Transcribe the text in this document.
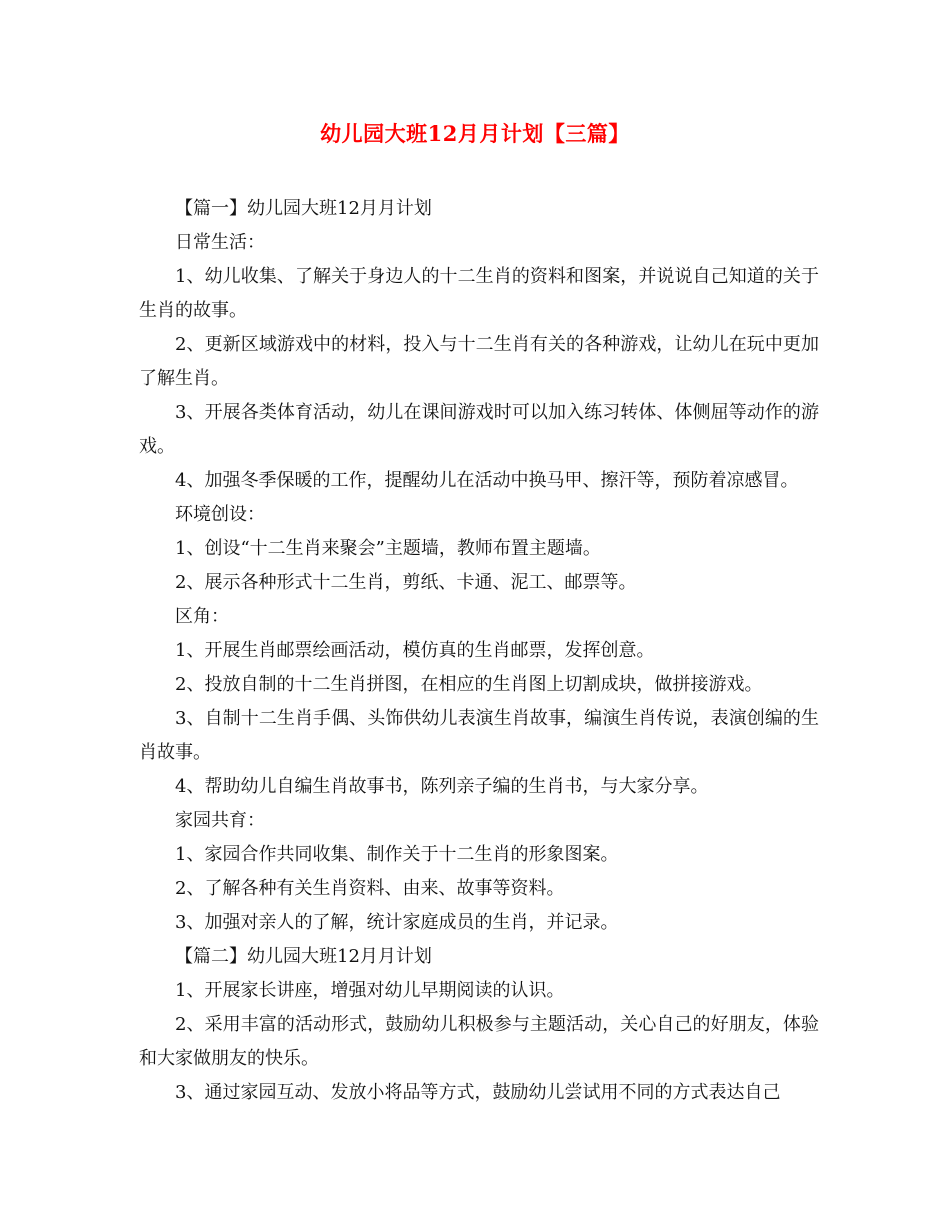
幼儿园大班12月月计划【三篇】

【篇一】幼儿园大班12月月计划

日常生活：

1、幼儿收集、了解关于身边人的十二生肖的资料和图案，并说说自己知道的关于生肖的故事。

2、更新区域游戏中的材料，投入与十二生肖有关的各种游戏，让幼儿在玩中更加了解生肖。

3、开展各类体育活动，幼儿在课间游戏时可以加入练习转体、体侧屈等动作的游戏。

4、加强冬季保暖的工作，提醒幼儿在活动中换马甲、擦汗等，预防着凉感冒。

环境创设：

1、创设“十二生肖来聚会”主题墙，教师布置主题墙。

2、展示各种形式十二生肖，剪纸、卡通、泥工、邮票等。

区角：

1、开展生肖邮票绘画活动，模仿真的生肖邮票，发挥创意。

2、投放自制的十二生肖拼图，在相应的生肖图上切割成块，做拼接游戏。

3、自制十二生肖手偶、头饰供幼儿表演生肖故事，编演生肖传说，表演创编的生肖故事。

4、帮助幼儿自编生肖故事书，陈列亲子编的生肖书，与大家分享。

家园共育：

1、家园合作共同收集、制作关于十二生肖的形象图案。

2、了解各种有关生肖资料、由来、故事等资料。

3、加强对亲人的了解，统计家庭成员的生肖，并记录。

【篇二】幼儿园大班12月月计划

1、开展家长讲座，增强对幼儿早期阅读的认识。

2、采用丰富的活动形式，鼓励幼儿积极参与主题活动，关心自己的好朋友，体验和大家做朋友的快乐。

3、通过家园互动、发放小将品等方式，鼓励幼儿尝试用不同的方式表达自己
